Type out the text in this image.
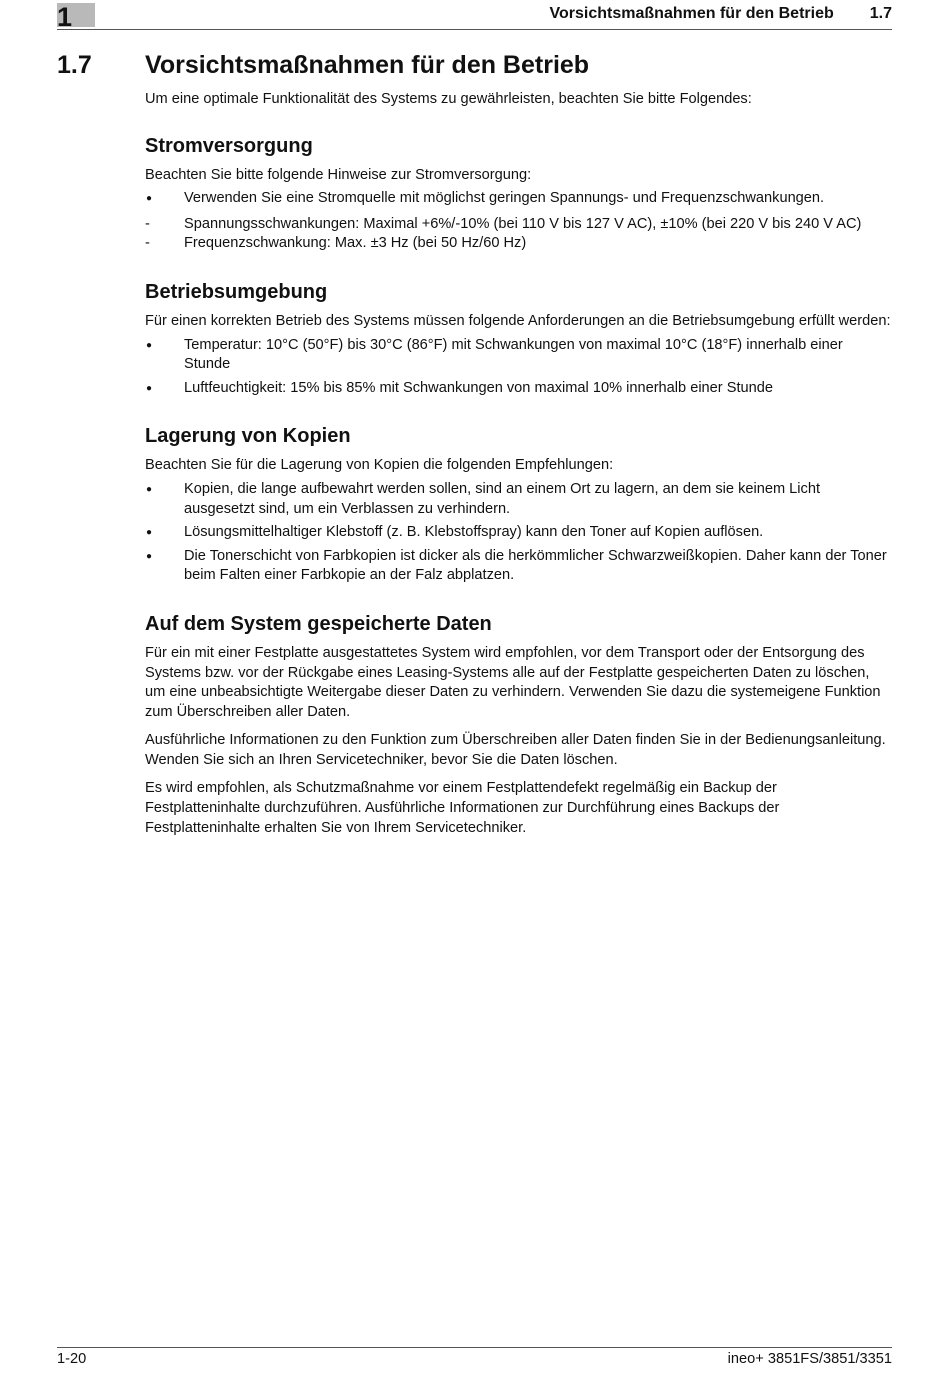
1	Vorsichtsmaßnahmen für den Betrieb 1.7
1.7 Vorsichtsmaßnahmen für den Betrieb

Um eine optimale Funktionalität des Systems zu gewährleisten, beachten Sie bitte Folgendes:

Stromversorgung

Beachten Sie bitte folgende Hinweise zur Stromversorgung:

● Verwenden Sie eine Stromquelle mit möglichst geringen Spannungs- und Frequenzschwankungen.
- Spannungsschwankungen: Maximal +6%/-10% (bei 110 V bis 127 V AC), ±10% (bei 220 V bis 240 V AC)
- Frequenzschwankung: Max. ±3 Hz (bei 50 Hz/60 Hz)
Betriebsumgebung

Für einen korrekten Betrieb des Systems müssen folgende Anforderungen an die Betriebsumgebung erfüllt werden:

● Temperatur: 10°C (50°F) bis 30°C (86°F) mit Schwankungen von maximal 10°C (18°F) innerhalb einer Stunde
● Luftfeuchtigkeit: 15% bis 85% mit Schwankungen von maximal 10% innerhalb einer Stunde
Lagerung von Kopien

Beachten Sie für die Lagerung von Kopien die folgenden Empfehlungen:

● Kopien, die lange aufbewahrt werden sollen, sind an einem Ort zu lagern, an dem sie keinem Licht ausgesetzt sind, um ein Verblassen zu verhindern.
● Lösungsmittelhaltiger Klebstoff (z. B. Klebstoffspray) kann den Toner auf Kopien auflösen.
● Die Tonerschicht von Farbkopien ist dicker als die herkömmlicher Schwarzweißkopien. Daher kann der Toner beim Falten einer Farbkopie an der Falz abplatzen.
Auf dem System gespeicherte Daten

Für ein mit einer Festplatte ausgestattetes System wird empfohlen, vor dem Transport oder der Entsorgung des Systems bzw. vor der Rückgabe eines Leasing-Systems alle auf der Festplatte gespeicherten Daten zu löschen, um eine unbeabsichtigte Weitergabe dieser Daten zu verhindern. Verwenden Sie dazu die systemeigene Funktion zum Überschreiben aller Daten.

Ausführliche Informationen zu den Funktion zum Überschreiben aller Daten finden Sie in der Bedienungsanleitung. Wenden Sie sich an Ihren Servicetechniker, bevor Sie die Daten löschen.

Es wird empfohlen, als Schutzmaßnahme vor einem Festplattendefekt regelmäßig ein Backup der Festplatteninhalte durchzuführen. Ausführliche Informationen zur Durchführung eines Backups der Festplatteninhalte erhalten Sie von Ihrem Servicetechniker.

1-20	ineo+ 3851FS/3851/3351
